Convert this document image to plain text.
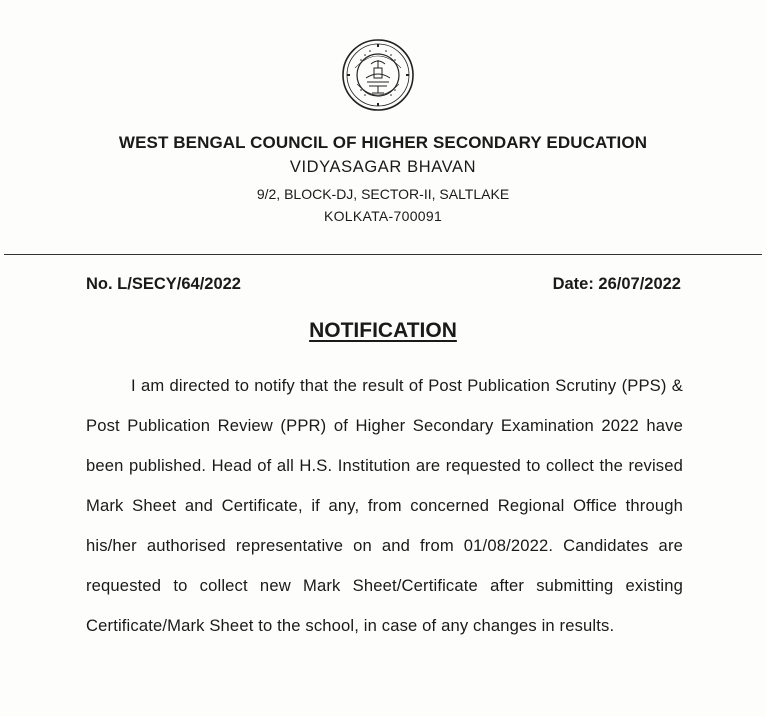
WEST BENGAL COUNCIL OF HIGHER SECONDARY EDUCATION
VIDYASAGAR BHAVAN
9/2, BLOCK-DJ, SECTOR-II, SALTLAKE
KOLKATA-700091
No. L/SECY/64/2022	Date: 26/07/2022
NOTIFICATION
I am directed to notify that the result of Post Publication Scrutiny (PPS) & Post Publication Review (PPR) of Higher Secondary Examination 2022 have been published. Head of all H.S. Institution are requested to collect the revised Mark Sheet and Certificate, if any, from concerned Regional Office through his/her authorised representative on and from 01/08/2022. Candidates are requested to collect new Mark Sheet/Certificate after submitting existing Certificate/Mark Sheet to the school, in case of any changes in results.
